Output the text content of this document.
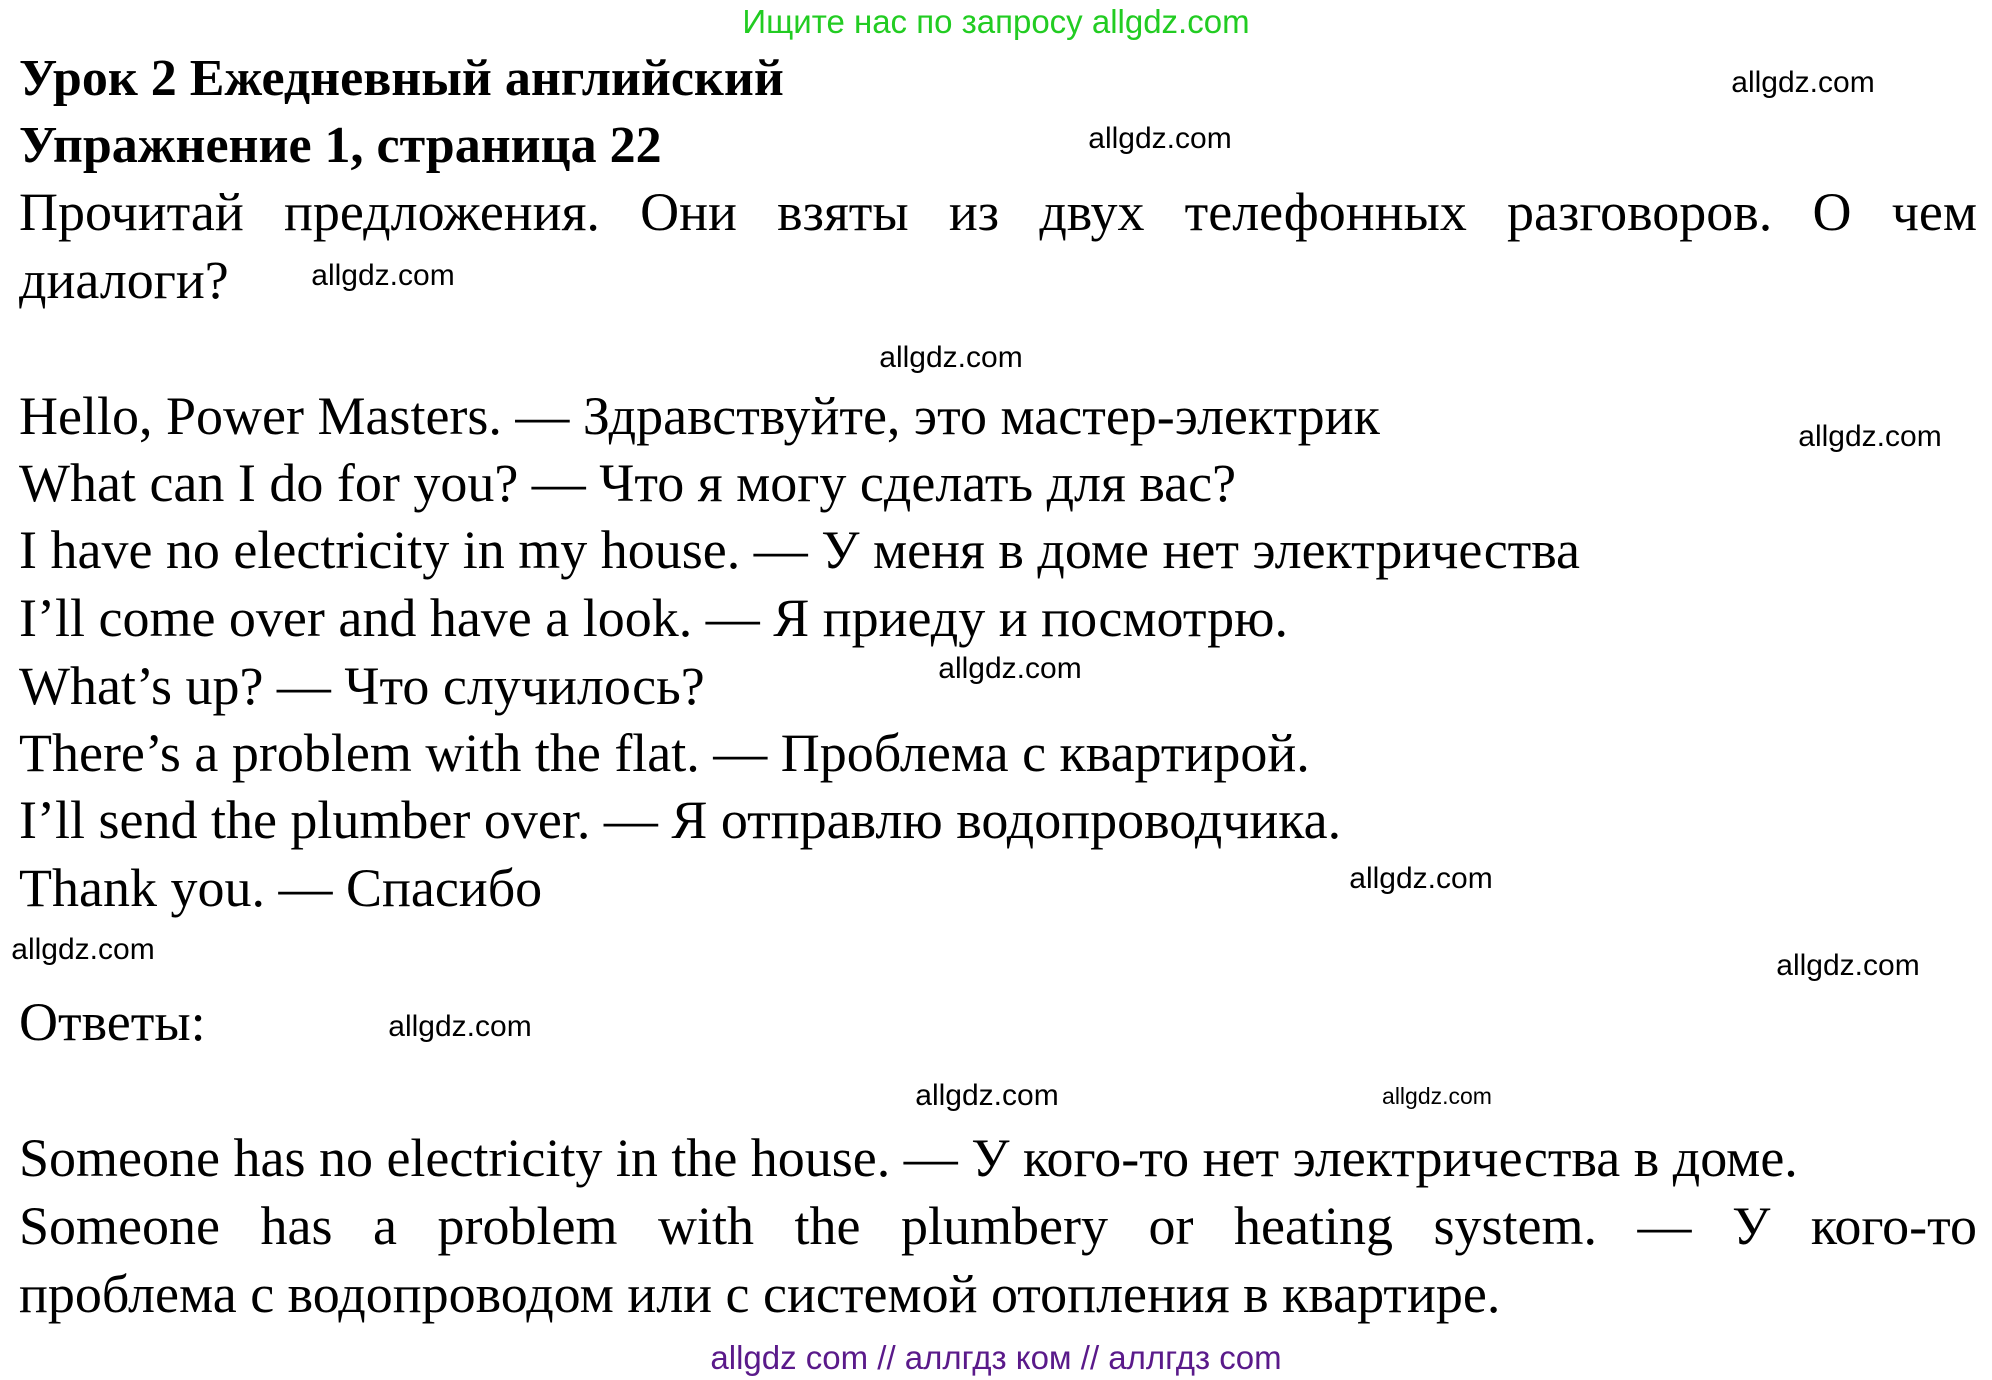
Ищите нас по запросу allgdz.com
Урок 2 Ежедневный английский
Упражнение 1, страница 22
Прочитай предложения. Они взяты из двух телефонных разговоров. О чем
диалоги?
Hello, Power Masters. — Здравствуйте, это мастер-электрик
What can I do for you? — Что я могу сделать для вас?
I have no electricity in my house. — У меня в доме нет электричества
I’ll come over and have a look. — Я приеду и посмотрю.
What’s up? — Что случилось?
There’s a problem with the flat. — Проблема с квартирой.
I’ll send the plumber over. — Я отправлю водопроводчика.
Thank you. — Спасибо
Ответы:
Someone has no electricity in the house. — У кого-то нет электричества в доме.
Someone has a problem with the plumbery or heating system. — У кого-то
проблема с водопроводом или с системой отопления в квартире.
allgdz.com
allgdz.com
allgdz.com
allgdz.com
allgdz.com
allgdz.com
allgdz.com
allgdz.com	allgdz.com
allgdz.com
allgdz.com	allgdz.com
allgdz com // аллгдз ком // аллгдз com
